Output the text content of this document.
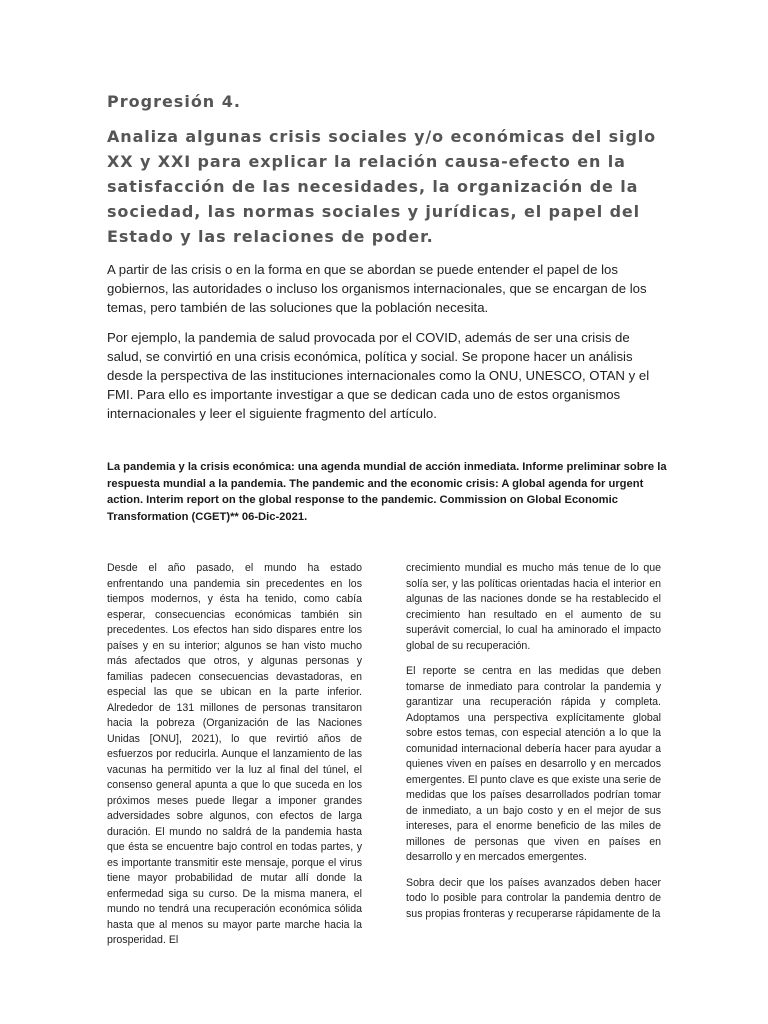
Progresión 4.
Analiza algunas crisis sociales y/o económicas del siglo XX y XXI para explicar la relación causa-efecto en la satisfacción de las necesidades, la organización de la sociedad, las normas sociales y jurídicas, el papel del Estado y las relaciones de poder.

A partir de las crisis o en la forma en que se abordan se puede entender el papel de los gobiernos, las autoridades o incluso los organismos internacionales, que se encargan de los temas, pero también de las soluciones que la población necesita.

Por ejemplo, la pandemia de salud provocada por el COVID, además de ser una crisis de salud, se convirtió en una crisis económica, política y social. Se propone hacer un análisis desde la perspectiva de las instituciones internacionales como la ONU, UNESCO, OTAN y el FMI. Para ello es importante investigar a que se dedican cada uno de estos organismos internacionales y leer el siguiente fragmento del artículo.

La pandemia y la crisis económica: una agenda mundial de acción inmediata. Informe preliminar sobre la respuesta mundial a la pandemia. The pandemic and the economic crisis: A global agenda for urgent action. Interim report on the global response to the pandemic. Commission on Global Economic Transformation (CGET)** 06-Dic-2021.

Desde el año pasado, el mundo ha estado enfrentando una pandemia sin precedentes en los tiempos modernos, y ésta ha tenido, como cabía esperar, consecuencias económicas también sin precedentes. Los efectos han sido dispares entre los países y en su interior; algunos se han visto mucho más afectados que otros, y algunas personas y familias padecen consecuencias devastadoras, en especial las que se ubican en la parte inferior. Alrededor de 131 millones de personas transitaron hacia la pobreza (Organización de las Naciones Unidas [ONU], 2021), lo que revirtió años de esfuerzos por reducirla. Aunque el lanzamiento de las vacunas ha permitido ver la luz al final del túnel, el consenso general apunta a que lo que suceda en los próximos meses puede llegar a imponer grandes adversidades sobre algunos, con efectos de larga duración. El mundo no saldrá de la pandemia hasta que ésta se encuentre bajo control en todas partes, y es importante transmitir este mensaje, porque el virus tiene mayor probabilidad de mutar allí donde la enfermedad siga su curso. De la misma manera, el mundo no tendrá una recuperación económica sólida hasta que al menos su mayor parte marche hacia la prosperidad. El

crecimiento mundial es mucho más tenue de lo que solía ser, y las políticas orientadas hacia el interior en algunas de las naciones donde se ha restablecido el crecimiento han resultado en el aumento de su superávit comercial, lo cual ha aminorado el impacto global de su recuperación.

El reporte se centra en las medidas que deben tomarse de inmediato para controlar la pandemia y garantizar una recuperación rápida y completa. Adoptamos una perspectiva explícitamente global sobre estos temas, con especial atención a lo que la comunidad internacional debería hacer para ayudar a quienes viven en países en desarrollo y en mercados emergentes. El punto clave es que existe una serie de medidas que los países desarrollados podrían tomar de inmediato, a un bajo costo y en el mejor de sus intereses, para el enorme beneficio de las miles de millones de personas que viven en países en desarrollo y en mercados emergentes.

Sobra decir que los países avanzados deben hacer todo lo posible para controlar la pandemia dentro de sus propias fronteras y recuperarse rápidamente de la
